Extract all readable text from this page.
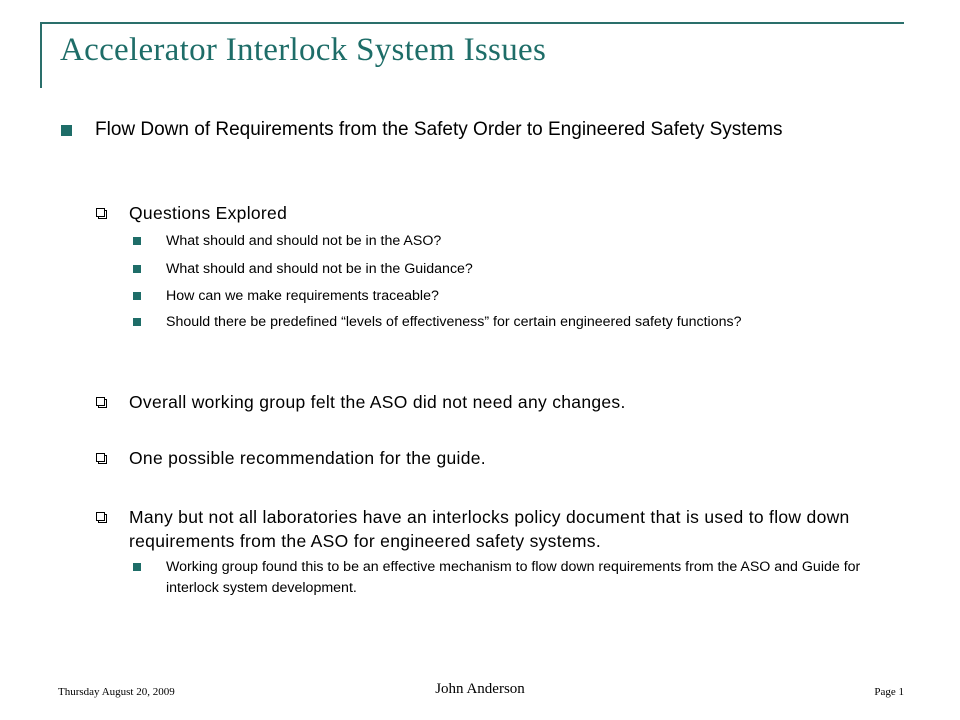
Accelerator Interlock System Issues
Flow Down of Requirements from the Safety Order to Engineered Safety Systems
Questions Explored
What should and should not be in the ASO?
What should and should not be in the Guidance?
How can we make requirements traceable?
Should there be predefined “levels of effectiveness” for certain engineered safety functions?
Overall working group felt the ASO did not need any changes.
One possible recommendation for the guide.
Many but not all laboratories have an interlocks policy document that is used to flow down requirements from the ASO for engineered safety systems.
Working group found this to be an effective mechanism to flow down requirements from the ASO and Guide for interlock system development.
Thursday August 20, 2009	John Anderson	Page 1
